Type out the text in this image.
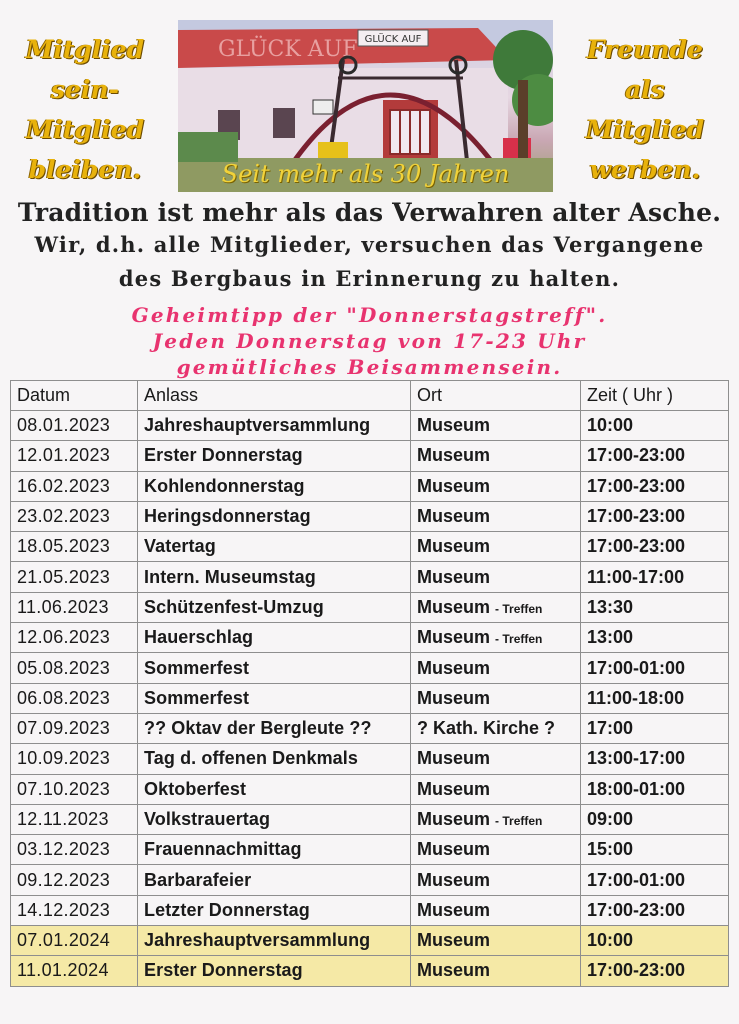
Mitglied
sein-
Mitglied
bleiben.
Freunde
als
Mitglied
werben.
GLÜCK AUF GLÜCK AUF
Seit mehr als 30 Jahren
Tradition ist mehr als das Verwahren alter Asche.
Wir, d.h. alle Mitglieder, versuchen das Vergangene
des Bergbaus in Erinnerung zu halten.
Geheimtipp der "Donnerstagstreff".
Jeden Donnerstag von 17-23 Uhr
gemütliches Beisammensein.
Datum	Anlass	Ort	Zeit ( Uhr )
08.01.2023	Jahreshauptversammlung	Museum	10:00
12.01.2023	Erster Donnerstag	Museum	17:00-23:00
16.02.2023	Kohlendonnerstag	Museum	17:00-23:00
23.02.2023	Heringsdonnerstag	Museum	17:00-23:00
18.05.2023	Vatertag	Museum	17:00-23:00
21.05.2023	Intern. Museumstag	Museum	11:00-17:00
11.06.2023	Schützenfest-Umzug	Museum - Treffen	13:30
12.06.2023	Hauerschlag	Museum - Treffen	13:00
05.08.2023	Sommerfest	Museum	17:00-01:00
06.08.2023	Sommerfest	Museum	11:00-18:00
07.09.2023	?? Oktav der Bergleute ??	? Kath. Kirche ?	17:00
10.09.2023	Tag d. offenen Denkmals	Museum	13:00-17:00
07.10.2023	Oktoberfest	Museum	18:00-01:00
12.11.2023	Volkstrauertag	Museum - Treffen	09:00
03.12.2023	Frauennachmittag	Museum	15:00
09.12.2023	Barbarafeier	Museum	17:00-01:00
14.12.2023	Letzter Donnerstag	Museum	17:00-23:00
07.01.2024	Jahreshauptversammlung	Museum	10:00
11.01.2024	Erster Donnerstag	Museum	17:00-23:00
